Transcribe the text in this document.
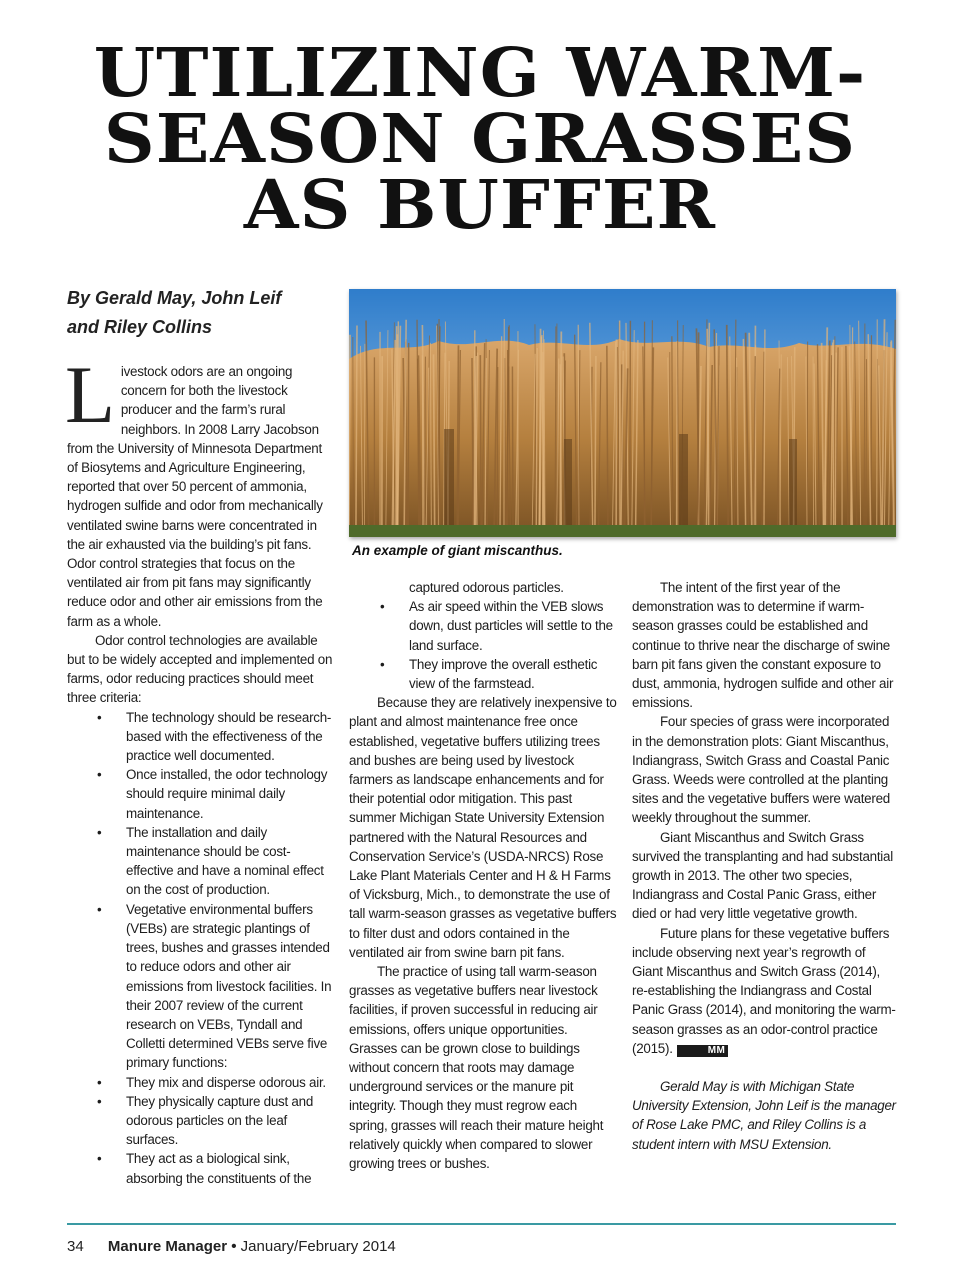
UTILIZING WARM-
SEASON GRASSES
AS BUFFER
By Gerald May, John Leif
and Riley Collins
An example of giant miscanthus.

Livestock odors are an ongoing concern for both the livestock producer and the farm’s rural neighbors. In 2008 Larry Jacobson from the University of Minnesota Department of Biosytems and Agriculture Engineering, reported that over 50 percent of ammonia, hydrogen sulfide and odor from mechanically ventilated swine barns were concentrated in the air exhausted via the building’s pit fans. Odor control strategies that focus on the ventilated air from pit fans may significantly reduce odor and other air emissions from the farm as a whole.

Odor control technologies are available but to be widely accepted and implemented on farms, odor reducing practices should meet three criteria:

• The technology should be research-based with the effectiveness of the practice well documented.
• Once installed, the odor technology should require minimal daily maintenance.
• The installation and daily maintenance should be cost-effective and have a nominal effect on the cost of production.
• Vegetative environmental buffers (VEBs) are strategic plantings of trees, bushes and grasses intended to reduce odors and other air emissions from livestock facilities. In their 2007 review of the current research on VEBs, Tyndall and Colletti determined VEBs serve five primary functions:
• They mix and disperse odorous air.
• They physically capture dust and odorous particles on the leaf surfaces.
• They act as a biological sink, absorbing the constituents of the

captured odorous particles.

• As air speed within the VEB slows down, dust particles will settle to the land surface.
• They improve the overall esthetic view of the farmstead.

Because they are relatively inexpensive to plant and almost maintenance free once established, vegetative buffers utilizing trees and bushes are being used by livestock farmers as landscape enhancements and for their potential odor mitigation. This past summer Michigan State University Extension partnered with the Natural Resources and Conservation Service’s (USDA-NRCS) Rose Lake Plant Materials Center and H & H Farms of Vicksburg, Mich., to demonstrate the use of tall warm-season grasses as vegetative buffers to filter dust and odors contained in the ventilated air from swine barn pit fans.

The practice of using tall warm-season grasses as vegetative buffers near livestock facilities, if proven successful in reducing air emissions, offers unique opportunities. Grasses can be grown close to buildings without concern that roots may damage underground services or the manure pit integrity. Though they must regrow each spring, grasses will reach their mature height relatively quickly when compared to slower growing trees or bushes.

The intent of the first year of the demonstration was to determine if warm-season grasses could be established and continue to thrive near the discharge of swine barn pit fans given the constant exposure to dust, ammonia, hydrogen sulfide and other air emissions.

Four species of grass were incorporated in the demonstration plots: Giant Miscanthus, Indiangrass, Switch Grass and Coastal Panic Grass. Weeds were controlled at the planting sites and the vegetative buffers were watered weekly throughout the summer.

Giant Miscanthus and Switch Grass survived the transplanting and had substantial growth in 2013. The other two species, Indiangrass and Costal Panic Grass, either died or had very little vegetative growth.

Future plans for these vegetative buffers include observing next year’s regrowth of Giant Miscanthus and Switch Grass (2014), re-establishing the Indiangrass and Costal Panic Grass (2014), and monitoring the warm-season grasses as an odor-control practice (2015).	MM

Gerald May is with Michigan State University Extension, John Leif is the manager of Rose Lake PMC, and Riley Collins is a student intern with MSU Extension.

34 Manure Manager • January/February 2014
